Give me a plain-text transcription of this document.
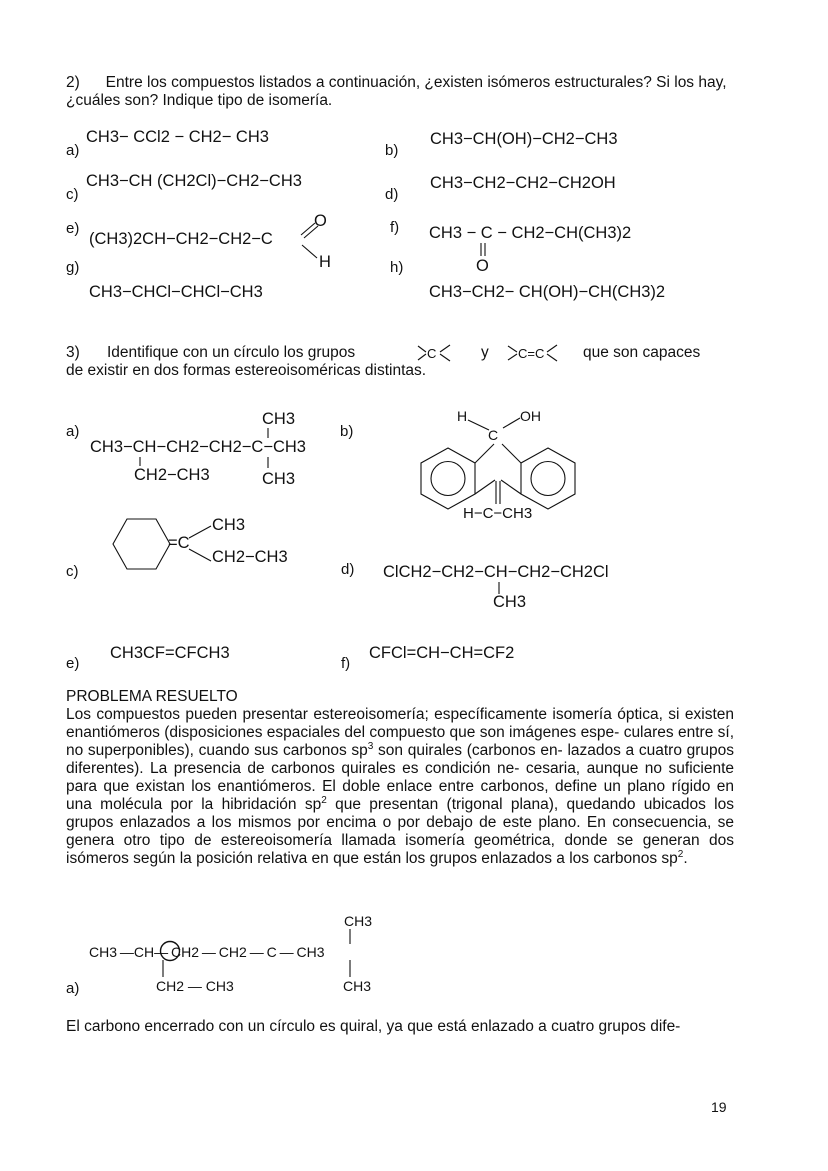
2) Entre los compuestos listados a continuación, ¿existen isómeros estructurales? Si los hay, ¿cuáles son? Indique tipo de isomería.
a)
CH3− CCl2 − CH2− CH3
b)
CH3−CH(OH)−CH2−CH3
c)
CH3−CH (CH2Cl)−CH2−CH3
d)
CH3−CH2−CH2−CH2OH
e)
(CH3)2CH−CH2−CH2−C
O
H
f) CH3 − C − CH2−CH(CH3)2
O
g)
CH3−CHCl−CHCl−CH3
h)
CH3−CH2− CH(OH)−CH(CH3)2
3) Identifique con un círculo los grupos	C	y C=C que son capaces
de existir en dos formas estereoisoméricas distintas.
a)
CH3
CH3−CH−CH2−CH2−C−CH3
CH2−CH3	CH3
b)
H	OH
C
H−C−CH3
c)
=C
CH3
CH2−CH3
d) ClCH2−CH2−CH−CH2−CH2Cl
CH3
e)
CH3CF=CFCH3
f)
CFCl=CH−CH=CF2
PROBLEMA RESUELTO
Los compuestos pueden presentar estereoisomería; específicamente isomería óptica, si existen enantiómeros (disposiciones espaciales del compuesto que son imágenes espe- culares entre sí, no superponibles), cuando sus carbonos $sp^3$ son quirales (carbonos en- lazados a cuatro grupos diferentes). La presencia de carbonos quirales es condición ne- cesaria, aunque no suficiente para que existan los enantiómeros. El doble enlace entre carbonos, define un plano rígido en una molécula por la hibridación $sp^2$ que presentan (trigonal plana), quedando ubicados los grupos enlazados a los mismos por encima o por debajo de este plano. En consecuencia, se genera otro tipo de estereoisomería llamada isomería geométrica, donde se generan dos isómeros según la posición relativa en que están los grupos enlazados a los carbonos $sp^2$.
a)
CH3
CH3 —CH— CH2 — CH2 — C — CH3
CH2 — CH3	CH3
El carbono encerrado con un círculo es quiral, ya que está enlazado a cuatro grupos dife-
19
